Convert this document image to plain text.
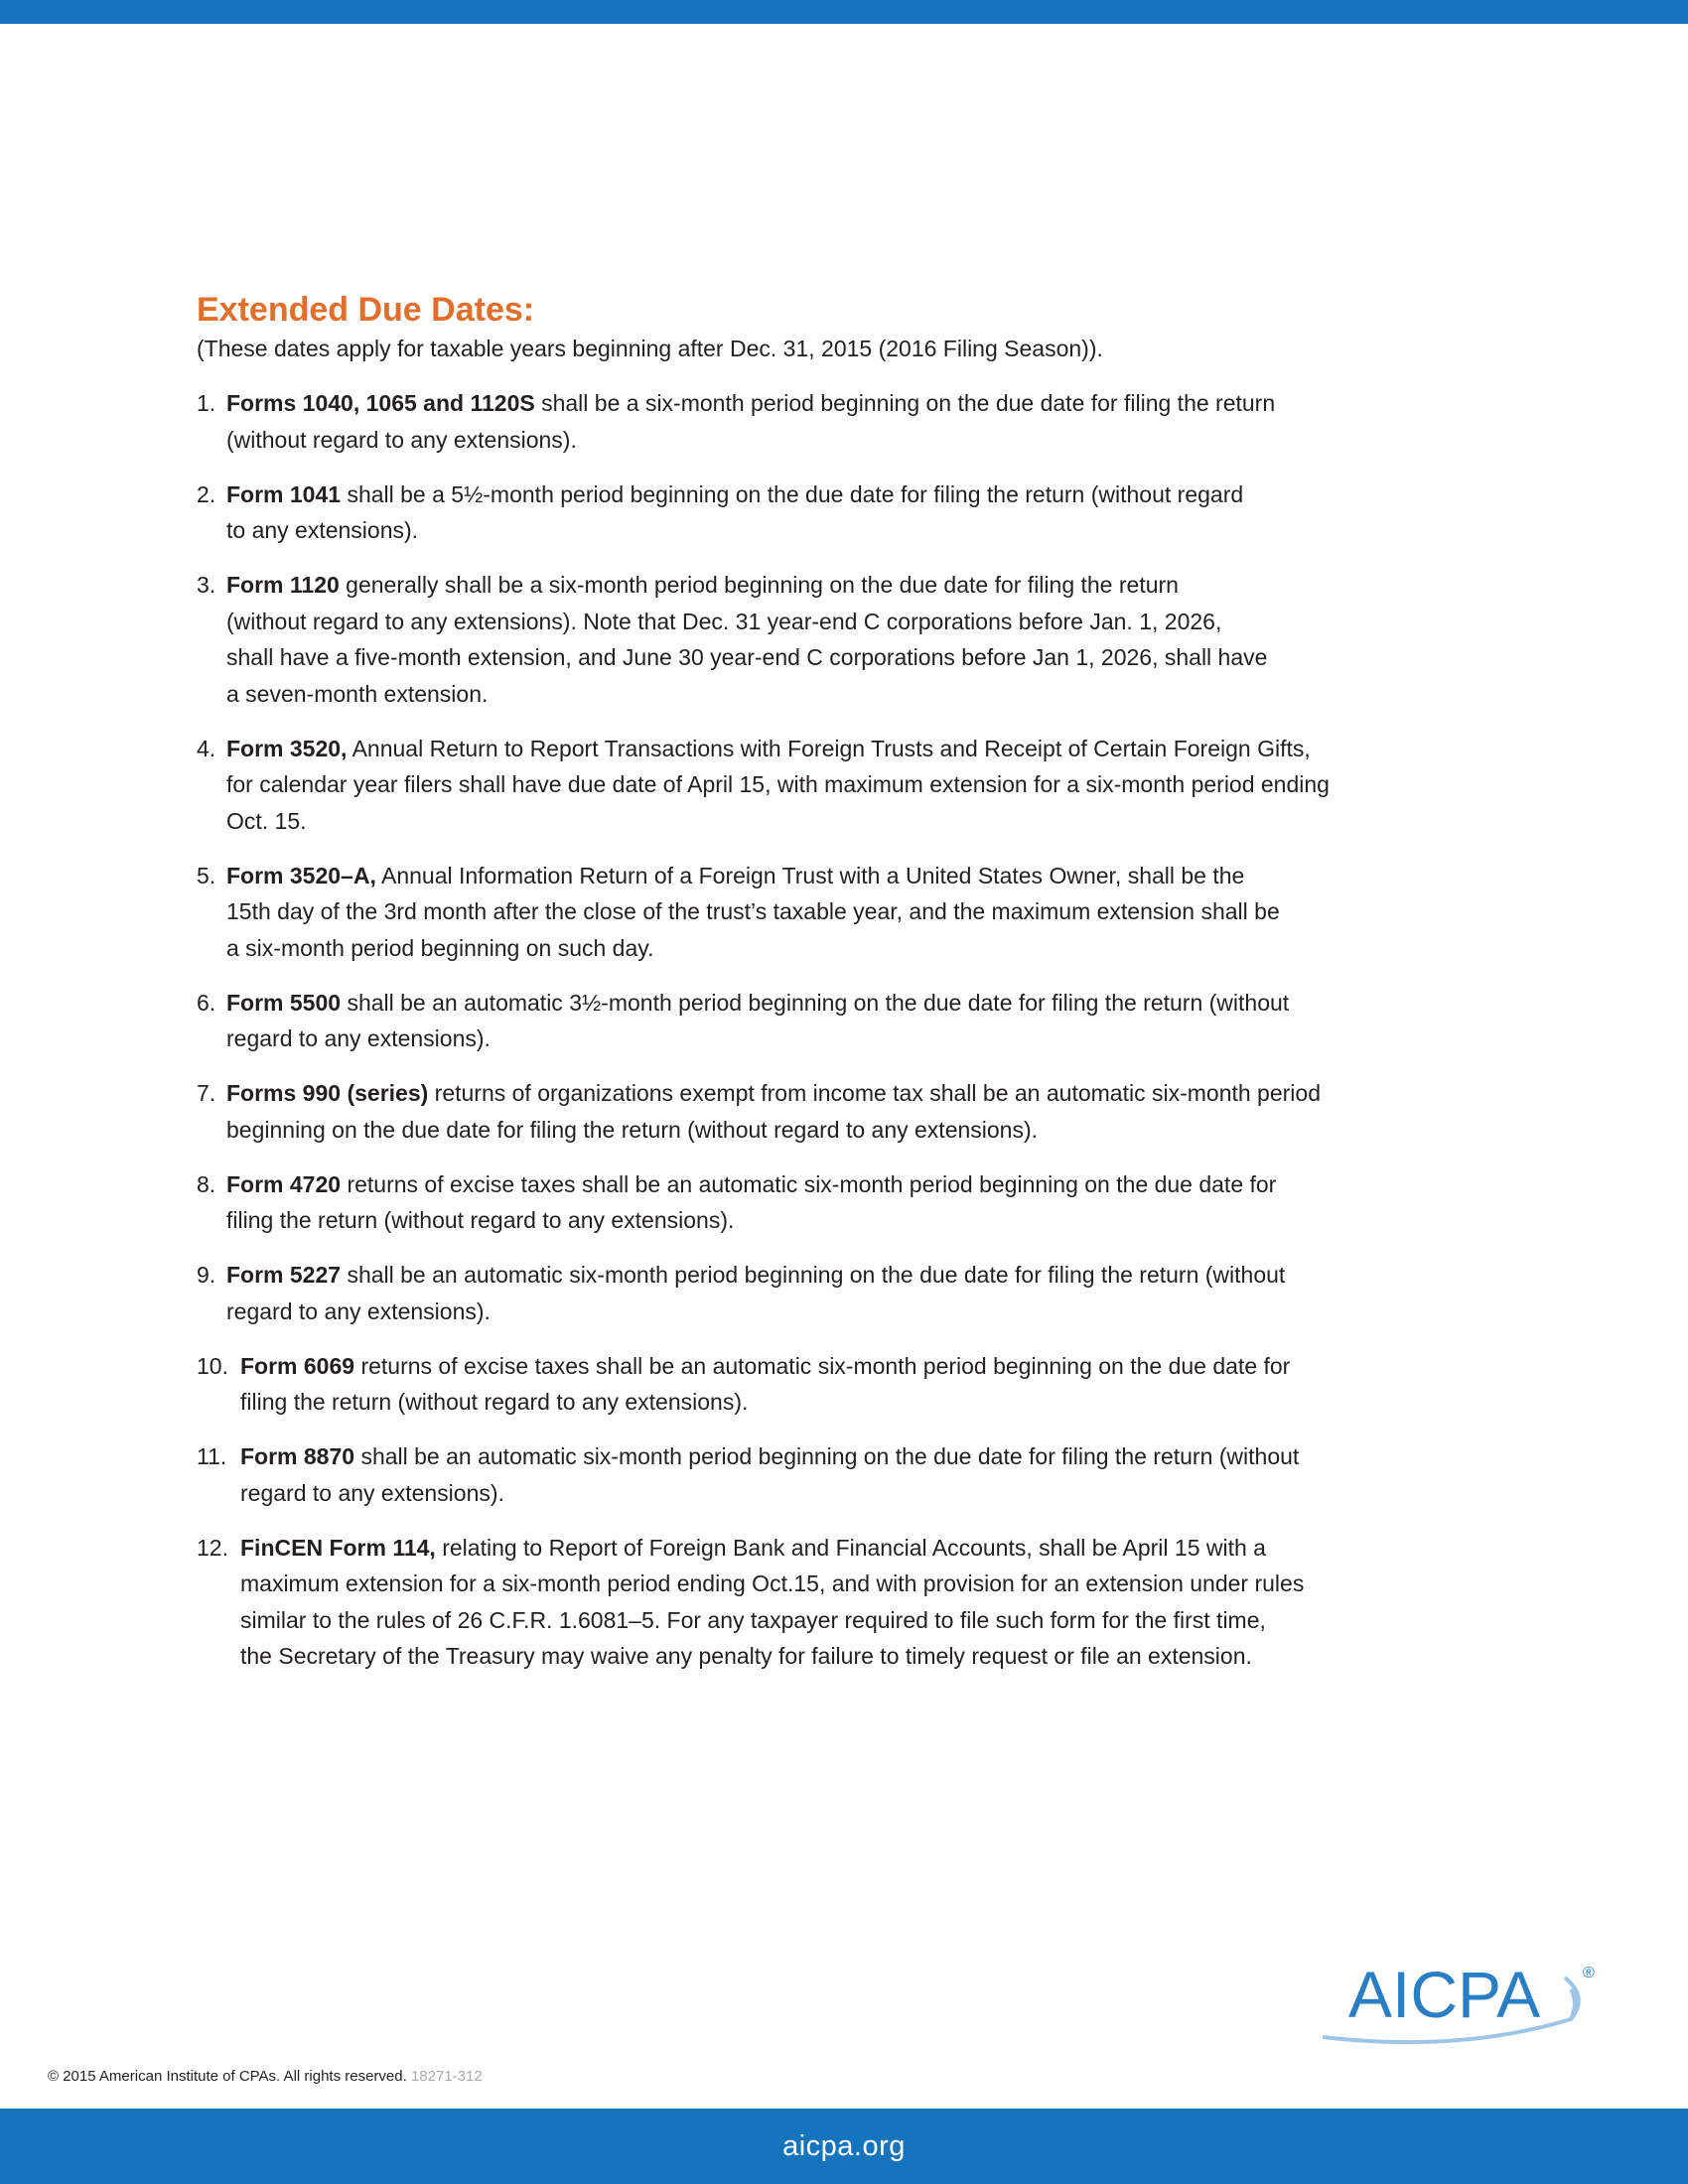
Extended Due Dates:
(These dates apply for taxable years beginning after Dec. 31, 2015 (2016 Filing Season)).
1. Forms 1040, 1065 and 1120S shall be a six-month period beginning on the due date for filing the return
(without regard to any extensions).
2. Form 1041 shall be a 5½-month period beginning on the due date for filing the return (without regard
to any extensions).
3. Form 1120 generally shall be a six-month period beginning on the due date for filing the return
(without regard to any extensions). Note that Dec. 31 year-end C corporations before Jan. 1, 2026,
shall have a five-month extension, and June 30 year-end C corporations before Jan 1, 2026, shall have
a seven-month extension.
4. Form 3520, Annual Return to Report Transactions with Foreign Trusts and Receipt of Certain Foreign Gifts,
for calendar year filers shall have due date of April 15, with maximum extension for a six-month period ending
Oct. 15.
5. Form 3520–A, Annual Information Return of a Foreign Trust with a United States Owner, shall be the
15th day of the 3rd month after the close of the trust’s taxable year, and the maximum extension shall be
a six-month period beginning on such day.
6. Form 5500 shall be an automatic 3½-month period beginning on the due date for filing the return (without
regard to any extensions).
7. Forms 990 (series) returns of organizations exempt from income tax shall be an automatic six-month period
beginning on the due date for filing the return (without regard to any extensions).
8. Form 4720 returns of excise taxes shall be an automatic six-month period beginning on the due date for
filing the return (without regard to any extensions).
9. Form 5227 shall be an automatic six-month period beginning on the due date for filing the return (without
regard to any extensions).
10. Form 6069 returns of excise taxes shall be an automatic six-month period beginning on the due date for
filing the return (without regard to any extensions).
11. Form 8870 shall be an automatic six-month period beginning on the due date for filing the return (without
regard to any extensions).
12. FinCEN Form 114, relating to Report of Foreign Bank and Financial Accounts, shall be April 15 with a
maximum extension for a six-month period ending Oct.15, and with provision for an extension under rules
similar to the rules of 26 C.F.R. 1.6081–5. For any taxpayer required to file such form for the first time,
the Secretary of the Treasury may waive any penalty for failure to timely request or file an extension.
AICPA	®
© 2015 American Institute of CPAs. All rights reserved. 18271-312
aicpa.org
